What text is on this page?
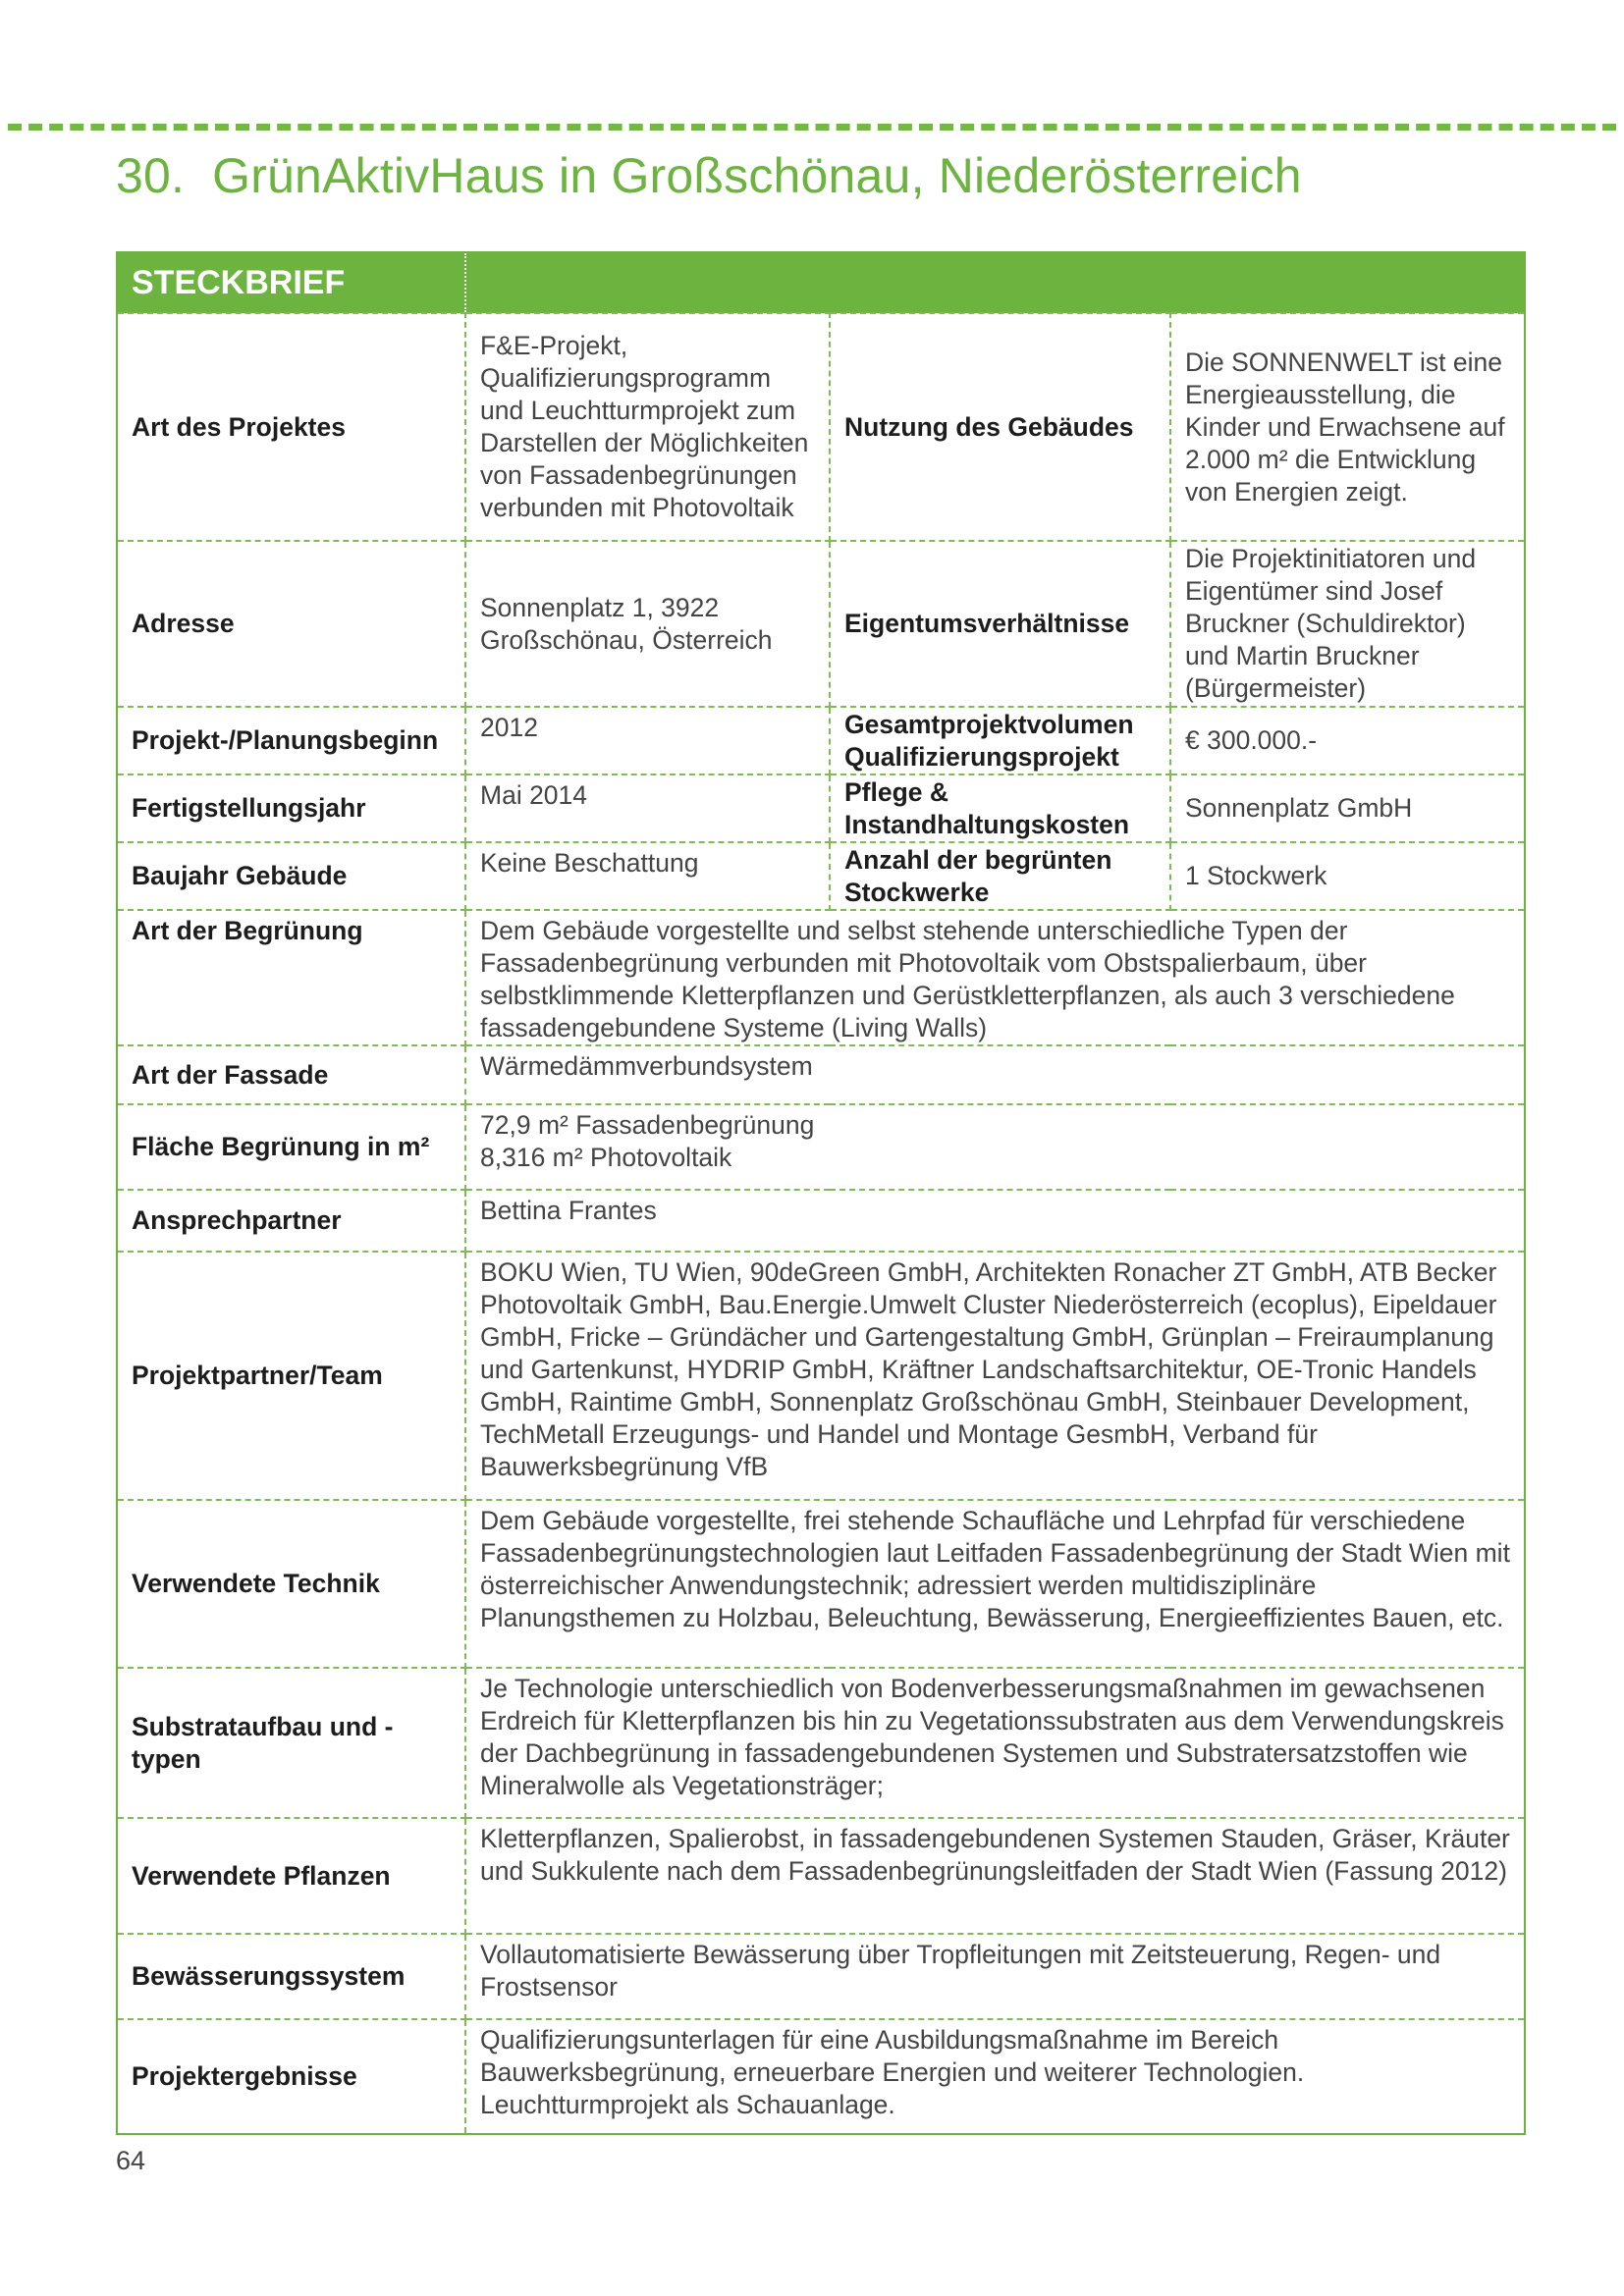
30. GrünAktivHaus in Großschönau, Niederösterreich
STECKBRIEF			
Art des Projektes	F&E-Projekt, Qualifizierungsprogramm und Leuchtturmprojekt zum Darstellen der Möglichkeiten von Fassadenbegrünungen verbunden mit Photovoltaik	Nutzung des Gebäudes	Die SONNENWELT ist eine Energieausstellung, die Kinder und Erwachsene auf 2.000 m² die Entwicklung von Energien zeigt.
Adresse	Sonnenplatz 1, 3922 Großschönau, Österreich	Eigentumsverhältnisse	Die Projektinitiatoren und Eigentümer sind Josef Bruckner (Schuldirektor) und Martin Bruckner (Bürgermeister)
Projekt-/Planungsbeginn	2012	Gesamtprojektvolumen Qualifizierungsprojekt	€ 300.000.-
Fertigstellungsjahr	Mai 2014	Pflege & Instandhaltungskosten	Sonnenplatz GmbH
Baujahr Gebäude	Keine Beschattung	Anzahl der begrünten Stockwerke	1 Stockwerk
Art der Begrünung	Dem Gebäude vorgestellte und selbst stehende unterschiedliche Typen der Fassadenbegrünung verbunden mit Photovoltaik vom Obstspalierbaum, über selbstklimmende Kletterpflanzen und Gerüstkletterpflanzen, als auch 3 verschiedene fassadengebundene Systeme (Living Walls)		
Art der Fassade	Wärmedämmverbundsystem		
Fläche Begrünung in m²	72,9 m² Fassadenbegrünung
8,316 m² Photovoltaik		
Ansprechpartner	Bettina Frantes		
Projektpartner/Team	BOKU Wien, TU Wien, 90deGreen GmbH, Architekten Ronacher ZT GmbH, ATB Becker Photovoltaik GmbH, Bau.Energie.Umwelt Cluster Niederösterreich (ecoplus), Eipeldauer GmbH, Fricke – Gründächer und Gartengestaltung GmbH, Grünplan – Freiraumplanung und Gartenkunst, HYDRIP GmbH, Kräftner Landschaftsarchitektur, OE-Tronic Handels GmbH, Raintime GmbH, Sonnenplatz Großschönau GmbH, Steinbauer Development, TechMetall Erzeugungs- und Handel und Montage GesmbH, Verband für Bauwerksbegrünung VfB		
Verwendete Technik	Dem Gebäude vorgestellte, frei stehende Schaufläche und Lehrpfad für verschiedene Fassadenbegrünungstechnologien laut Leitfaden Fassadenbegrünung der Stadt Wien mit österreichischer Anwendungstechnik; adressiert werden multidisziplinäre Planungsthemen zu Holzbau, Beleuchtung, Bewässerung, Energieeffizientes Bauen, etc.		
Substrataufbau und -typen	Je Technologie unterschiedlich von Bodenverbesserungsmaßnahmen im gewachsenen Erdreich für Kletterpflanzen bis hin zu Vegetationssubstraten aus dem Verwendungskreis der Dachbegrünung in fassadengebundenen Systemen und Substratersatzstoffen wie Mineralwolle als Vegetationsträger;		
Verwendete Pflanzen	Kletterpflanzen, Spalierobst, in fassadengebundenen Systemen Stauden, Gräser, Kräuter und Sukkulente nach dem Fassadenbegrünungsleitfaden der Stadt Wien (Fassung 2012)		
Bewässerungssystem	Vollautomatisierte Bewässerung über Tropfleitungen mit Zeitsteuerung, Regen- und Frostsensor		
Projektergebnisse	Qualifizierungsunterlagen für eine Ausbildungsmaßnahme im Bereich Bauwerksbegrünung, erneuerbare Energien und weiterer Technologien. Leuchtturmprojekt als Schauanlage.		
64
